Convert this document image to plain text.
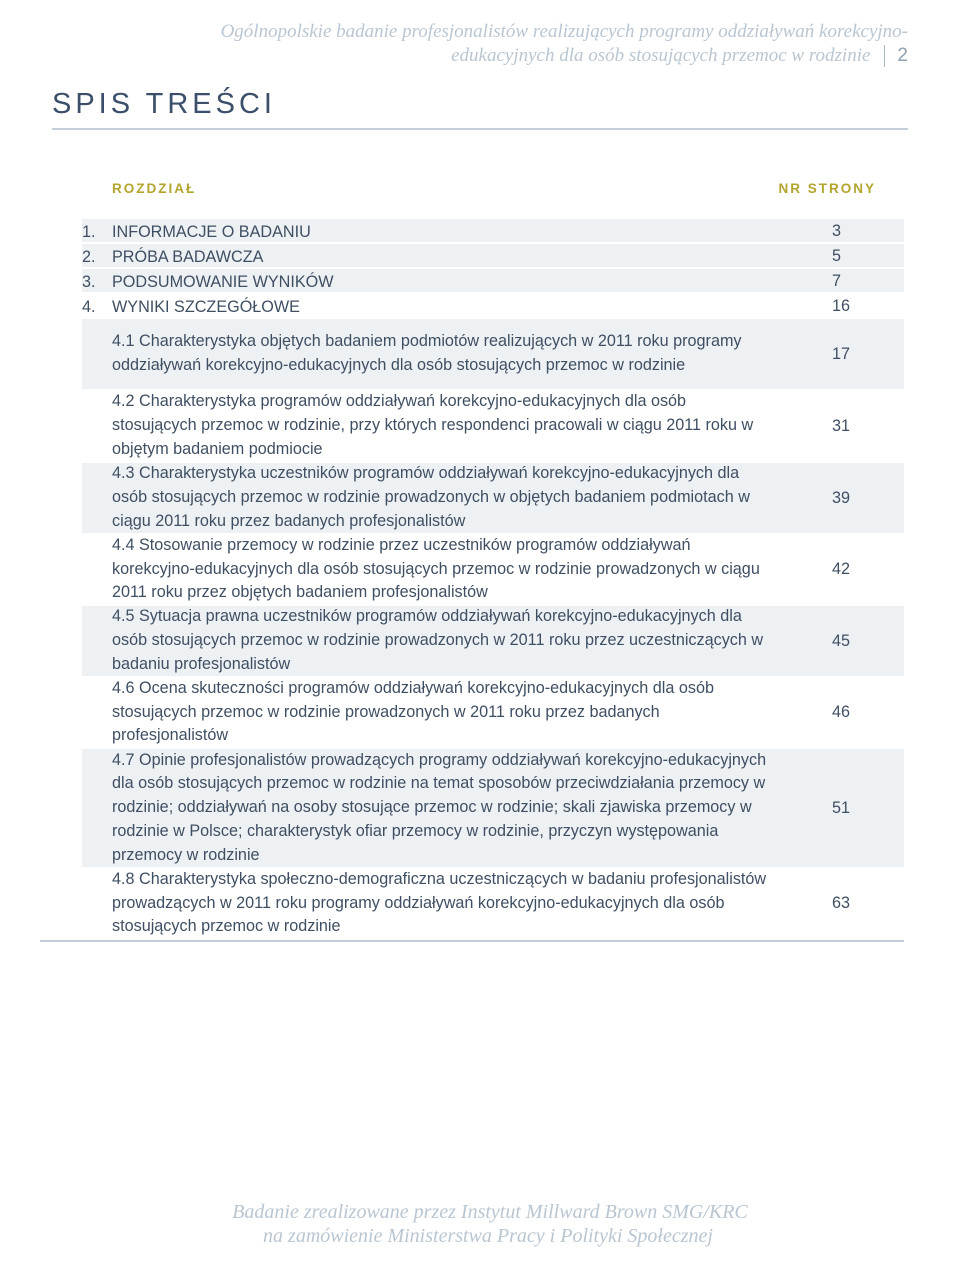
Ogólnopolskie badanie profesjonalistów realizujących programy oddziaływań korekcyjno-
edukacyjnych dla osób stosujących przemoc w rodzinie 2
SPIS TREŚCI
ROZDZIAŁ	NR STRONY
1.	INFORMACJE O BADANIU	3
2.	PRÓBA BADAWCZA	5
3.	PODSUMOWANIE WYNIKÓW	7
4.	WYNIKI SZCZEGÓŁOWE	16
4.1 Charakterystyka objętych badaniem podmiotów realizujących w 2011 roku programy oddziaływań korekcyjno-edukacyjnych dla osób stosujących przemoc w rodzinie
17
4.2 Charakterystyka programów oddziaływań korekcyjno-edukacyjnych dla osób stosujących przemoc w rodzinie, przy których respondenci pracowali w ciągu 2011 roku w objętym badaniem podmiocie
31
4.3 Charakterystyka uczestników programów oddziaływań korekcyjno-edukacyjnych dla osób stosujących przemoc w rodzinie prowadzonych w objętych badaniem podmiotach w ciągu 2011 roku przez badanych profesjonalistów
39
4.4 Stosowanie przemocy w rodzinie przez uczestników programów oddziaływań korekcyjno-edukacyjnych dla osób stosujących przemoc w rodzinie prowadzonych w ciągu 2011 roku przez objętych badaniem profesjonalistów
42
4.5 Sytuacja prawna uczestników programów oddziaływań korekcyjno-edukacyjnych dla osób stosujących przemoc w rodzinie prowadzonych w 2011 roku przez uczestniczących w badaniu profesjonalistów
45
4.6 Ocena skuteczności programów oddziaływań korekcyjno-edukacyjnych dla osób stosujących przemoc w rodzinie prowadzonych w 2011 roku przez badanych profesjonalistów
46
4.7 Opinie profesjonalistów prowadzących programy oddziaływań korekcyjno-edukacyjnych dla osób stosujących przemoc w rodzinie na temat sposobów przeciwdziałania przemocy w rodzinie; oddziaływań na osoby stosujące przemoc w rodzinie; skali zjawiska przemocy w rodzinie w Polsce; charakterystyk ofiar przemocy w rodzinie, przyczyn występowania przemocy w rodzinie
51
4.8 Charakterystyka społeczno-demograficzna uczestniczących w badaniu profesjonalistów prowadzących w 2011 roku programy oddziaływań korekcyjno-edukacyjnych dla osób stosujących przemoc w rodzinie
63
Badanie zrealizowane przez Instytut Millward Brown SMG/KRC
na zamówienie Ministerstwa Pracy i Polityki Społecznej
